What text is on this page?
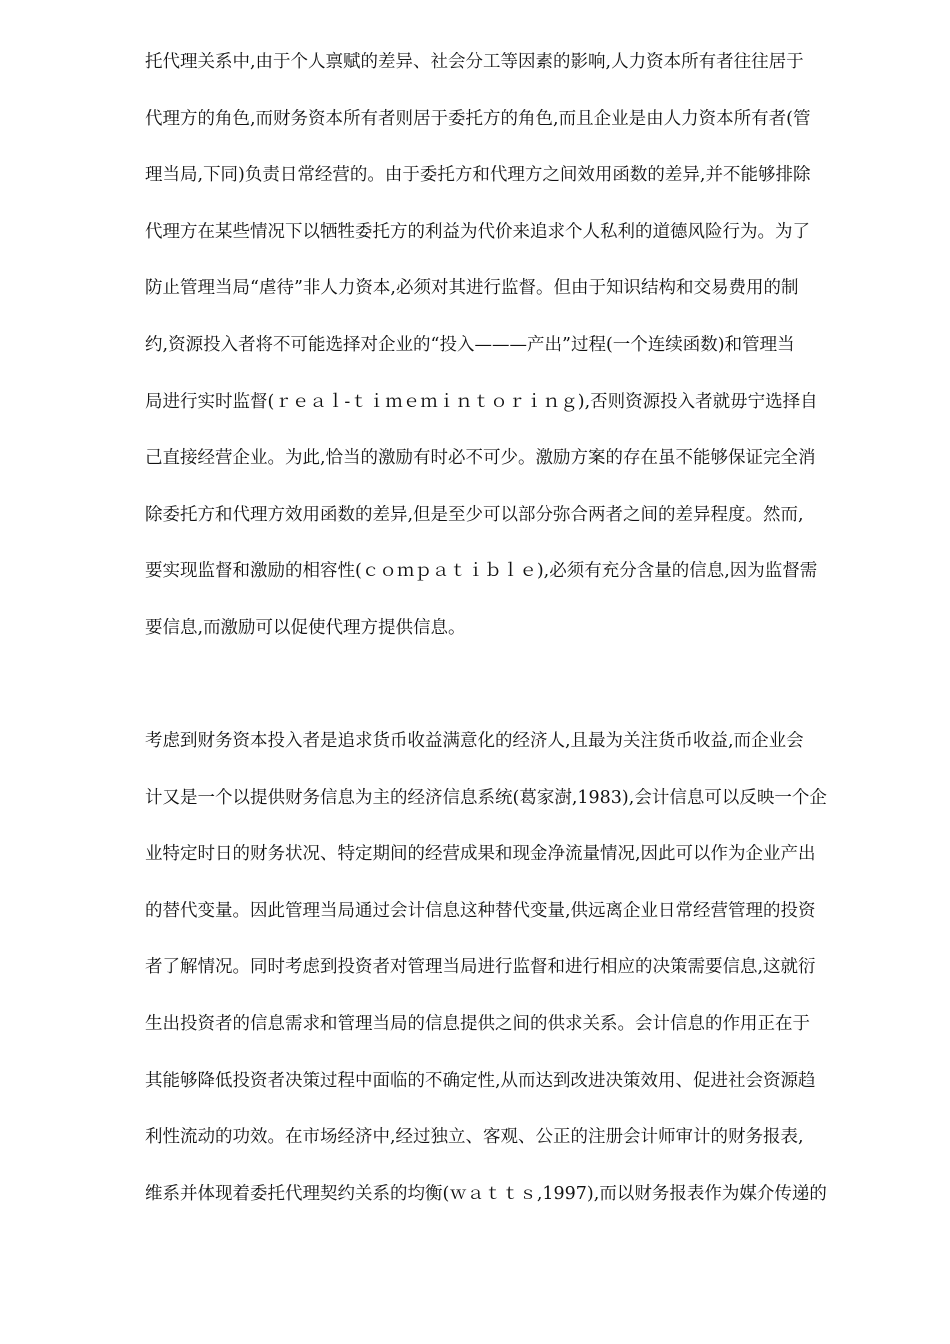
托代理关系中,由于个人禀赋的差异、社会分工等因素的影响,人力资本所有者往往居于
代理方的角色,而财务资本所有者则居于委托方的角色,而且企业是由人力资本所有者(管
理当局,下同)负责日常经营的。由于委托方和代理方之间效用函数的差异,并不能够排除
代理方在某些情况下以牺牲委托方的利益为代价来追求个人私利的道德风险行为。为了
防止管理当局“虐待”非人力资本,必须对其进行监督。但由于知识结构和交易费用的制
约,资源投入者将不可能选择对企业的“投入———产出”过程(一个连续函数)和管理当
局进行实时监督(ｒｅａｌ-ｔｉｍｅｍｉｎｔｏｒｉｎｇ),否则资源投入者就毋宁选择自
己直接经营企业。为此,恰当的激励有时必不可少。激励方案的存在虽不能够保证完全消
除委托方和代理方效用函数的差异,但是至少可以部分弥合两者之间的差异程度。然而,
要实现监督和激励的相容性(ｃｏｍｐａｔｉｂｌｅ),必须有充分含量的信息,因为监督需
要信息,而激励可以促使代理方提供信息。
考虑到财务资本投入者是追求货币收益满意化的经济人,且最为关注货币收益,而企业会
计又是一个以提供财务信息为主的经济信息系统(葛家澍,1983),会计信息可以反映一个企
业特定时日的财务状况、特定期间的经营成果和现金净流量情况,因此可以作为企业产出
的替代变量。因此管理当局通过会计信息这种替代变量,供远离企业日常经营管理的投资
者了解情况。同时考虑到投资者对管理当局进行监督和进行相应的决策需要信息,这就衍
生出投资者的信息需求和管理当局的信息提供之间的供求关系。会计信息的作用正在于
其能够降低投资者决策过程中面临的不确定性,从而达到改进决策效用、促进社会资源趋
利性流动的功效。在市场经济中,经过独立、客观、公正的注册会计师审计的财务报表,
维系并体现着委托代理契约关系的均衡(ｗａｔｔｓ,1997),而以财务报表作为媒介传递的
